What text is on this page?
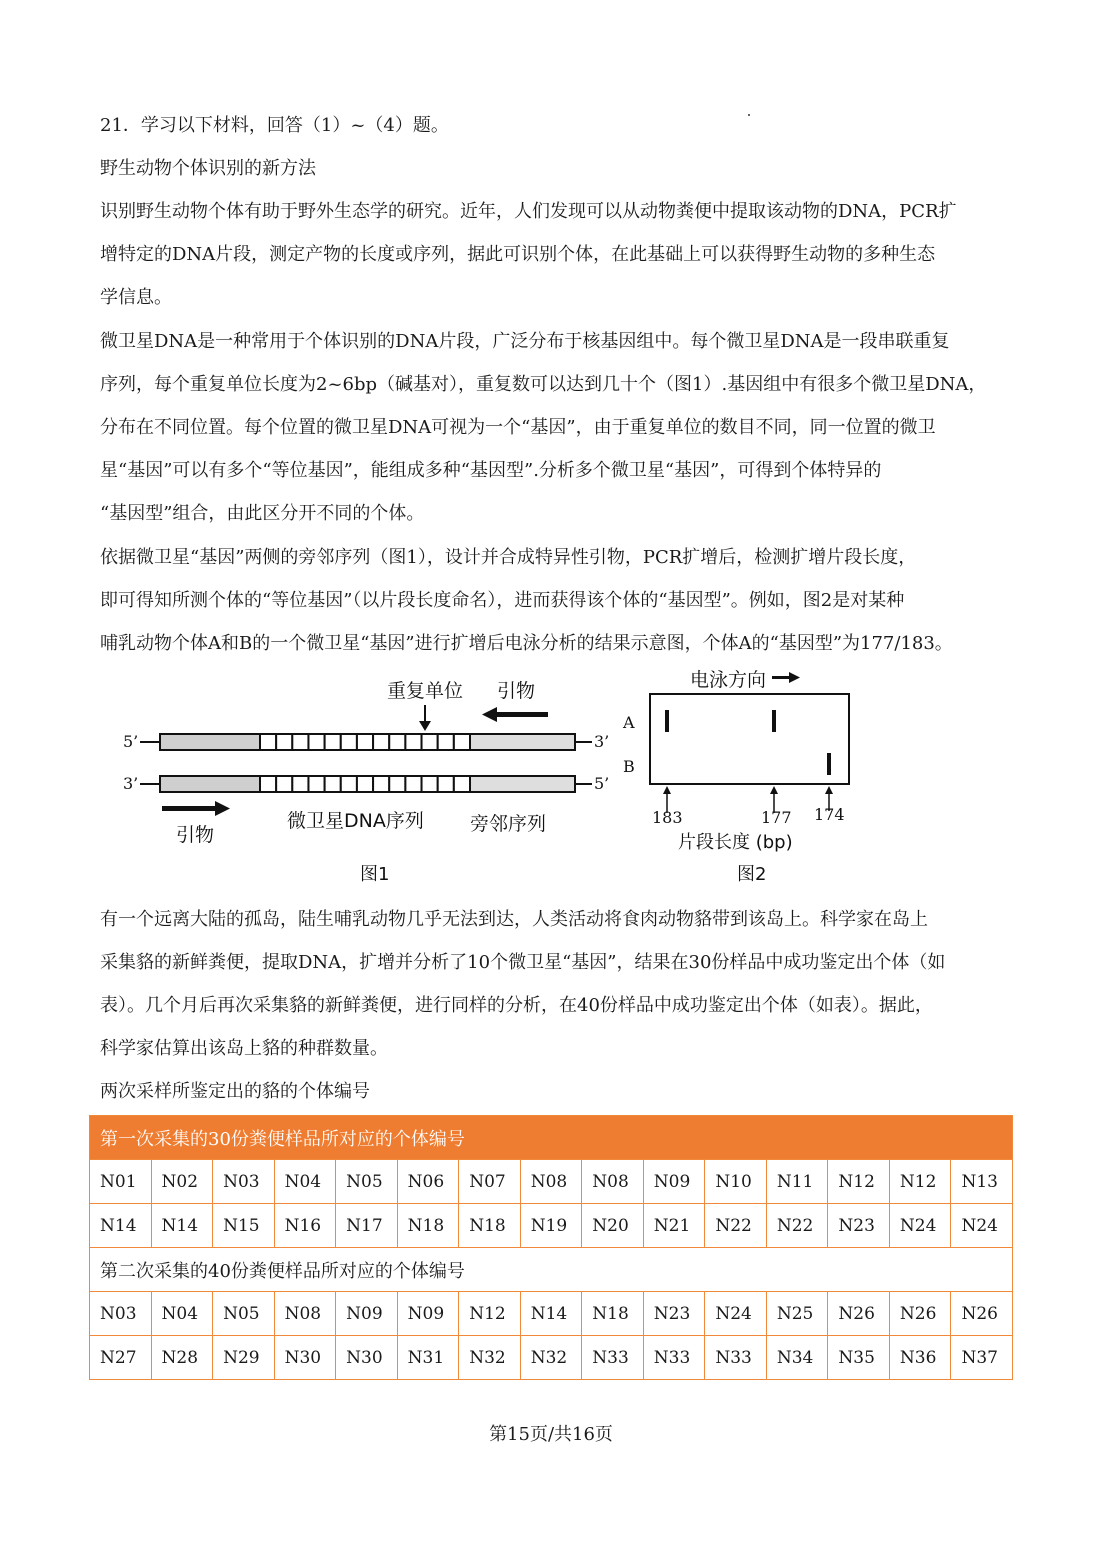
21．学习以下材料，回答（1）~（4）题。

野生动物个体识别的新方法

识别野生动物个体有助于野外生态学的研究。近年，人们发现可以从动物粪便中提取该动物的DNA，PCR扩
增特定的DNA片段，测定产物的长度或序列，据此可识别个体，在此基础上可以获得野生动物的多种生态
学信息。

微卫星DNA是一种常用于个体识别的DNA片段，广泛分布于核基因组中。每个微卫星DNA是一段串联重复
序列，每个重复单位长度为2~6bp（碱基对），重复数可以达到几十个（图1）.基因组中有很多个微卫星DNA，
分布在不同位置。每个位置的微卫星DNA可视为一个“基因”，由于重复单位的数目不同，同一位置的微卫
星“基因”可以有多个“等位基因”，能组成多种“基因型”.分析多个微卫星“基因”，可得到个体特异的
“基因型”组合，由此区分开不同的个体。

依据微卫星“基因”两侧的旁邻序列（图1），设计并合成特异性引物，PCR扩增后，检测扩增片段长度，
即可得知所测个体的“等位基因”（以片段长度命名），进而获得该个体的“基因型”。例如，图2是对某种
哺乳动物个体A和B的一个微卫星“基因”进行扩增后电泳分析的结果示意图，个体A的“基因型”为177/183。

5’	3’
3’	5’
重复单位 引物
引物
微卫星DNA序列 旁邻序列
图1
电泳方向
A
B
183	177 174
片段长度 (bp)
图2

有一个远离大陆的孤岛，陆生哺乳动物几乎无法到达，人类活动将食肉动物貉带到该岛上。科学家在岛上
采集貉的新鲜粪便，提取DNA，扩增并分析了10个微卫星“基因”，结果在30份样品中成功鉴定出个体（如
表）。几个月后再次采集貉的新鲜粪便，进行同样的分析，在40份样品中成功鉴定出个体（如表）。据此，
科学家估算出该岛上貉的种群数量。

两次采样所鉴定出的貉的个体编号

第一次采集的30份粪便样品所对应的个体编号														
N01	N02	N03	N04	N05	N06	N07	N08	N08	N09	N10	N11	N12	N12	N13
N14	N14	N15	N16	N17	N18	N18	N19	N20	N21	N22	N22	N23	N24	N24
第二次采集的40份粪便样品所对应的个体编号														
N03	N04	N05	N08	N09	N09	N12	N14	N18	N23	N24	N25	N26	N26	N26
N27	N28	N29	N30	N30	N31	N32	N32	N33	N33	N33	N34	N35	N36	N37
第15页/共16页
